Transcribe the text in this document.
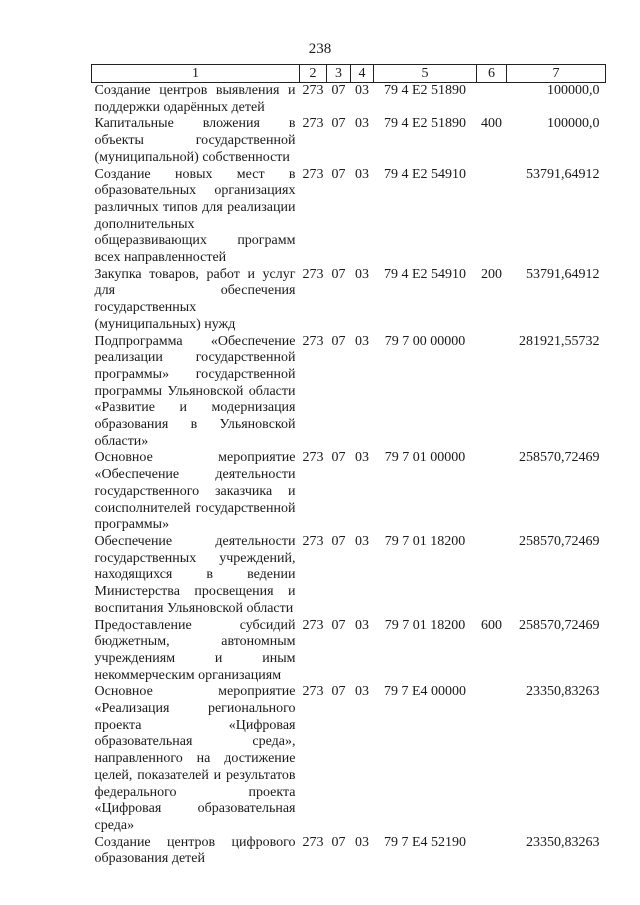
238
1	2	3	4	5	6	7
Создание центров выявления и поддержки одарённых детей	273	07	03	79 4 E2 51890		100000,0
Капитальные вложения в объекты государственной (муниципальной) собственности	273	07	03	79 4 E2 51890	400	100000,0
Создание новых мест в образовательных организациях различных типов для реализации дополнительных общеразвивающих программ всех направленностей	273	07	03	79 4 E2 54910		53791,64912
Закупка товаров, работ и услуг для обеспечения государственных (муниципальных) нужд	273	07	03	79 4 E2 54910	200	53791,64912
Подпрограмма «Обеспечение реализации государственной программы» государственной программы Ульяновской области «Развитие и модернизация образования в Ульяновской области»	273	07	03	79 7 00 00000		281921,55732
Основное мероприятие «Обеспечение деятельности государственного заказчика и соисполнителей государственной программы»	273	07	03	79 7 01 00000		258570,72469
Обеспечение деятельности государственных учреждений, находящихся в ведении Министерства просвещения и воспитания Ульяновской области	273	07	03	79 7 01 18200		258570,72469
Предоставление субсидий бюджетным, автономным учреждениям и иным некоммерческим организациям	273	07	03	79 7 01 18200	600	258570,72469
Основное мероприятие «Реализация регионального проекта «Цифровая образовательная среда», направленного на достижение целей, показателей и результатов федерального проекта «Цифровая образовательная среда»	273	07	03	79 7 E4 00000		23350,83263
Создание центров цифрового образования детей	273	07	03	79 7 E4 52190		23350,83263
